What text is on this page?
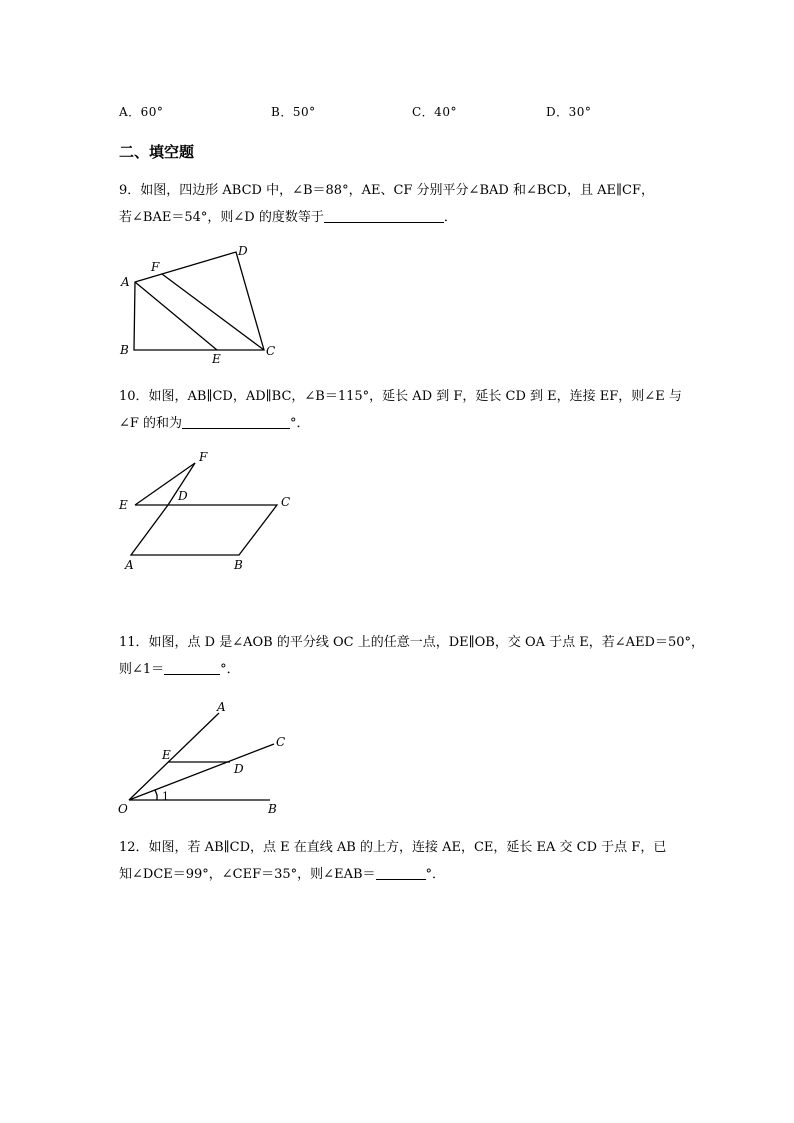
A．60°	B．50°	C．40°	D．30°
二、填空题
9．如图，四边形 ABCD 中，∠B＝88°，AE、CF 分别平分∠BAD 和∠BCD，且 AE∥CF，
若∠BAE＝54°，则∠D 的度数等于	．
A
F
D
B
E
C
10．如图，AB∥CD，AD∥BC，∠B＝115°，延长 AD 到 F，延长 CD 到 E，连接 EF，则∠E 与
∠F 的和为	°．
F
E
D	C
A	B
11．如图，点 D 是∠AOB 的平分线 OC 上的任意一点，DE∥OB，交 OA 于点 E，若∠AED＝50°，
则∠1＝	°．
A
C
E
D
1
O	B
12．如图，若 AB∥CD，点 E 在直线 AB 的上方，连接 AE，CE，延长 EA 交 CD 于点 F，已
知∠DCE＝99°，∠CEF＝35°，则∠EAB＝	°．
